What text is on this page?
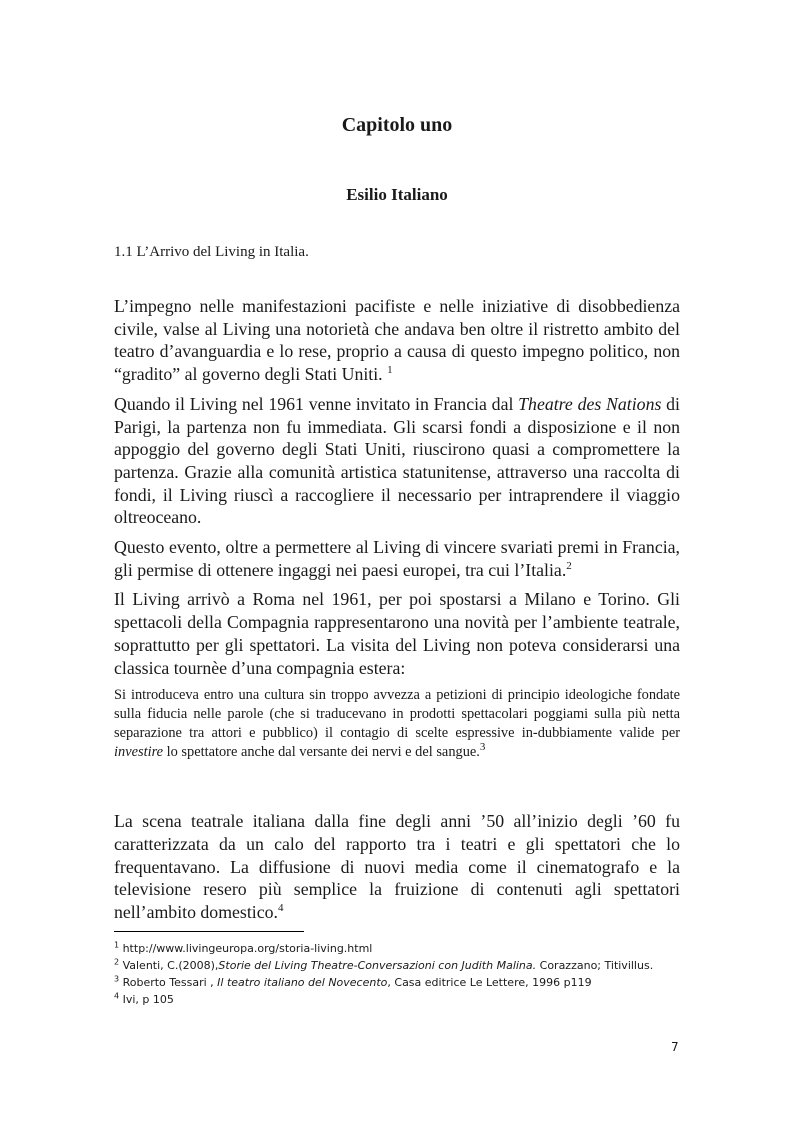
Capitolo uno
Esilio Italiano
1.1 L’Arrivo del Living in Italia.

L’impegno nelle manifestazioni pacifiste e nelle iniziative di disobbedienza civile, valse al Living una notorietà che andava ben oltre il ristretto ambito del teatro d’avanguardia e lo rese, proprio a causa di questo impegno politico, non “gradito” al governo degli Stati Uniti. $^1$

Quando il Living nel 1961 venne invitato in Francia dal Theatre des Nations di Parigi, la partenza non fu immediata. Gli scarsi fondi a disposizione e il non appoggio del governo degli Stati Uniti, riuscirono quasi a compromettere la partenza. Grazie alla comunità artistica statunitense, attraverso una raccolta di fondi, il Living riuscì a raccogliere il necessario per intraprendere il viaggio oltreoceano.

Questo evento, oltre a permettere al Living di vincere svariati premi in Francia, gli permise di ottenere ingaggi nei paesi europei, tra cui l’Italia.$^2$

Il Living arrivò a Roma nel 1961, per poi spostarsi a Milano e Torino. Gli spettacoli della Compagnia rappresentarono una novità per l’ambiente teatrale, soprattutto per gli spettatori. La visita del Living non poteva considerarsi una classica tournèe d’una compagnia estera:

Si introduceva entro una cultura sin troppo avvezza a petizioni di principio ideologiche fondate sulla fiducia nelle parole (che si traducevano in prodotti spettacolari poggiami sulla più netta separazione tra attori e pubblico) il contagio di scelte espressive in-dubbiamente valide per investire lo spettatore anche dal versante dei nervi e del sangue.$^3$

La scena teatrale italiana dalla fine degli anni ’50 all’inizio degli ’60 fu caratterizzata da un calo del rapporto tra i teatri e gli spettatori che lo frequentavano. La diffusione di nuovi media come il cinematografo e la televisione resero più semplice la fruizione di contenuti agli spettatori nell’ambito domestico.$^4$

$^1$ http://www.livingeuropa.org/storia-living.html
$^2$ Valenti, C.(2008),Storie del Living Theatre-Conversazioni con Judith Malina. Corazzano; Titivillus.
$^3$ Roberto Tessari , Il teatro italiano del Novecento, Casa editrice Le Lettere, 1996 p119
$^4$ Ivi, p 105
7
